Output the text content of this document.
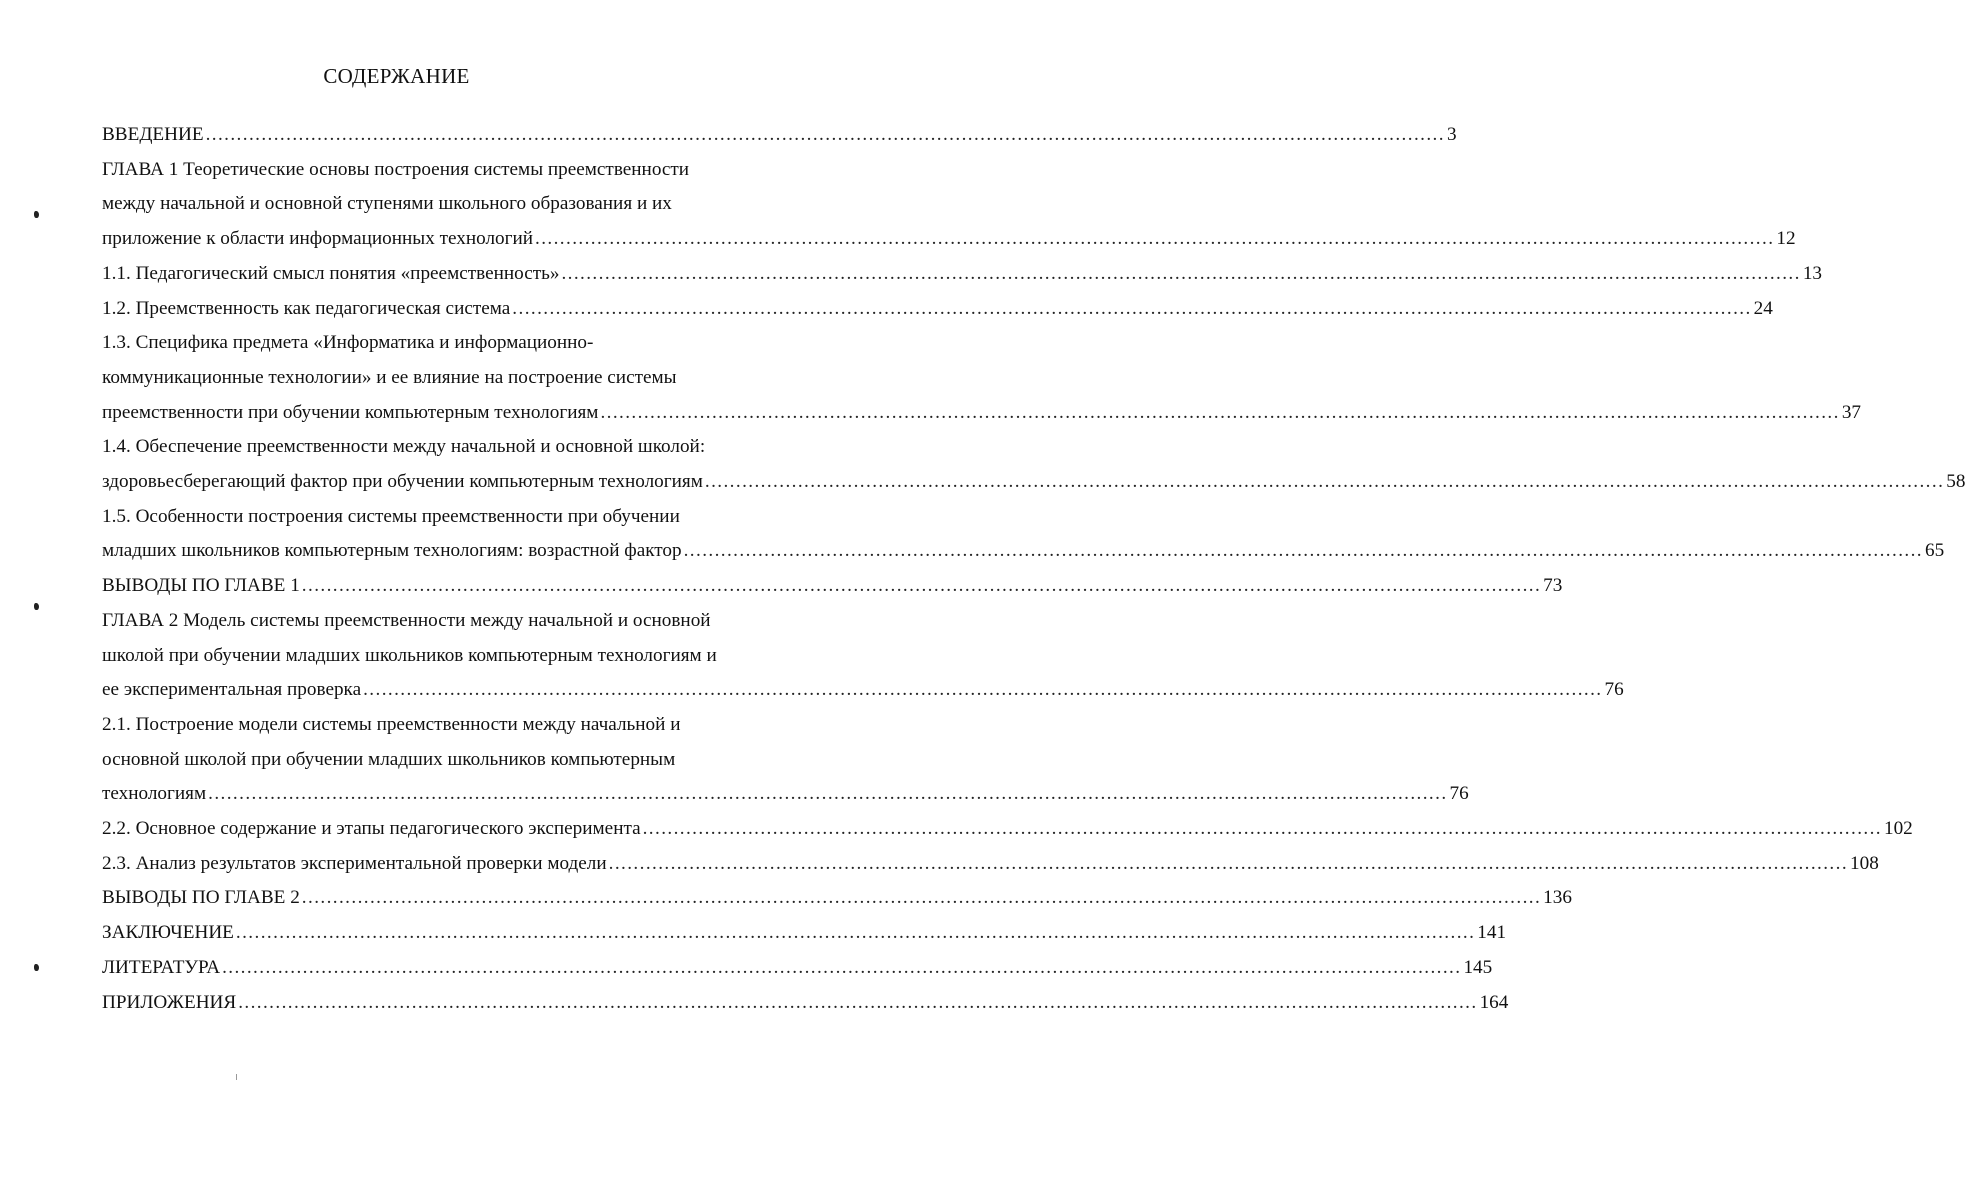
СОДЕРЖАНИЕ
ВВЕДЕНИЕ ........................................................................................................................................................................................................ 3
ГЛАВА 1 Теоретические основы построения системы преемственности
между начальной и основной ступенями школьного образования и их
приложение к области информационных технологий ........................................................................................................................................................................................................ 12
1.1. Педагогический смысл понятия «преемственность» ........................................................................................................................................................................................................ 13
1.2. Преемственность как педагогическая система ........................................................................................................................................................................................................ 24
1.3. Специфика предмета «Информатика и информационно-
коммуникационные технологии» и ее влияние на построение системы
преемственности при обучении компьютерным технологиям ........................................................................................................................................................................................................ 37
1.4. Обеспечение преемственности между начальной и основной школой:
здоровьесберегающий фактор при обучении компьютерным технологиям ........................................................................................................................................................................................................ 58
1.5. Особенности построения системы преемственности при обучении
младших школьников компьютерным технологиям: возрастной фактор ........................................................................................................................................................................................................ 65
ВЫВОДЫ ПО ГЛАВЕ 1 ........................................................................................................................................................................................................ 73
ГЛАВА 2 Модель системы преемственности между начальной и основной
школой при обучении младших школьников компьютерным технологиям и
ее экспериментальная проверка ........................................................................................................................................................................................................ 76
2.1. Построение модели системы преемственности между начальной и
основной школой при обучении младших школьников компьютерным
технологиям ........................................................................................................................................................................................................ 76
2.2. Основное содержание и этапы педагогического эксперимента ........................................................................................................................................................................................................ 102
2.3. Анализ результатов экспериментальной проверки модели ........................................................................................................................................................................................................ 108
ВЫВОДЫ ПО ГЛАВЕ 2 ........................................................................................................................................................................................................ 136
ЗАКЛЮЧЕНИЕ ........................................................................................................................................................................................................ 141
ЛИТЕРАТУРА ........................................................................................................................................................................................................ 145
ПРИЛОЖЕНИЯ ........................................................................................................................................................................................................ 164
